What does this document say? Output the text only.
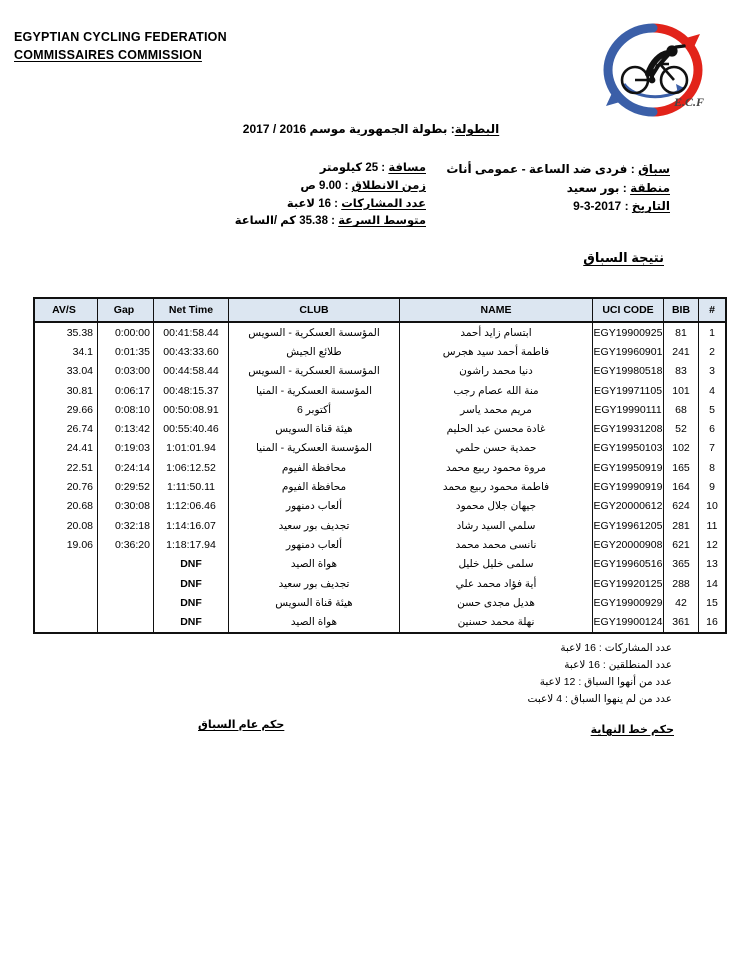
EGYPTIAN CYCLING FEDERATION
COMMISSAIRES COMMISSION
E.C.F
البطولة: بطولة الجمهورية موسم 2016 / 2017
سباق : فردى ضد الساعة - عمومى أناث
منطقة : بور سعيد
التاريخ : 2017-3-9
مسافة : 25 كيلومتر
زمن الانطلاق : 9.00 ص
عدد المشاركات : 16 لاعبة
متوسط السرعة : 35.38 كم /الساعة
نتيجة السباق
AV/S	Gap	Net Time	CLUB	NAME	UCI CODE	BIB	#
35.38	0:00:00	00:41:58.44	المؤسسة العسكرية - السويس	ابتسام زايد أحمد	EGY19900925	81	1
34.1	0:01:35	00:43:33.60	طلائع الجيش	فاطمة أحمد سيد هجرس	EGY19960901	241	2
33.04	0:03:00	00:44:58.44	المؤسسة العسكرية - السويس	دنيا محمد راشون	EGY19980518	83	3
30.81	0:06:17	00:48:15.37	المؤسسة العسكرية - المنيا	منة الله عصام رجب	EGY19971105	101	4
29.66	0:08:10	00:50:08.91	أكتوبر 6	مريم محمد ياسر	EGY19990111	68	5
26.74	0:13:42	00:55:40.46	هيئة قناة السويس	غادة محسن عبد الحليم	EGY19931208	52	6
24.41	0:19:03	1:01:01.94	المؤسسة العسكرية - المنيا	حمدية حسن حلمي	EGY19950103	102	7
22.51	0:24:14	1:06:12.52	محافظة الفيوم	مروة محمود ربيع محمد	EGY19950919	165	8
20.76	0:29:52	1:11:50.11	محافظة الفيوم	فاطمة محمود ربيع محمد	EGY19990919	164	9
20.68	0:30:08	1:12:06.46	ألعاب دمنهور	جيهان جلال محمود	EGY20000612	624	10
20.08	0:32:18	1:14:16.07	تجديف بور سعيد	سلمي السيد رشاد	EGY19961205	281	11
19.06	0:36:20	1:18:17.94	ألعاب دمنهور	نانسى محمد محمد	EGY20000908	621	12
		DNF	هواة الصيد	سلمى خليل خليل	EGY19960516	365	13
		DNF	تجديف بور سعيد	أية فؤاد محمد علي	EGY19920125	288	14
		DNF	هيئة قناة السويس	هديل مجدى حسن	EGY19900929	42	15
		DNF	هواة الصيد	نهلة محمد حسنين	EGY19900124	361	16
عدد المشاركات : 16 لاعبة
عدد المنطلقين : 16 لاعبة
عدد من أنهوا السباق : 12 لاعبة
عدد من لم ينهوا السباق : 4 لاعبت
حكم خط النهاية
حكم عام السباق
